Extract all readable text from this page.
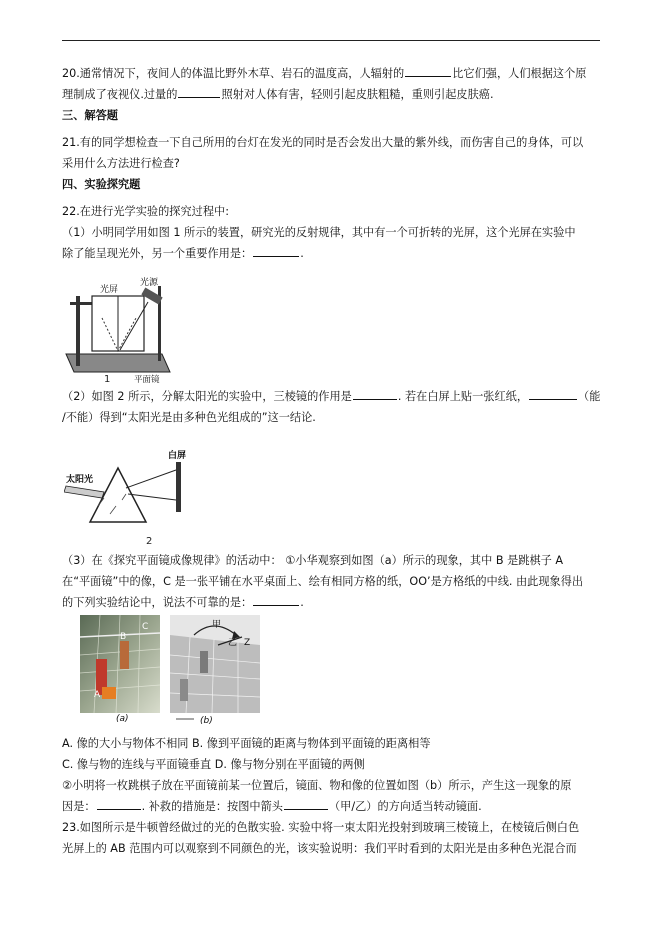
20.通常情况下，夜间人的体温比野外木草、岩石的温度高，人辐射的	比它们强，人们根据这个原
理制成了夜视仪.过量的	照射对人体有害，轻则引起皮肤粗糙，重则引起皮肤癌.
三、解答题
21.有的同学想检查一下自己所用的台灯在发光的同时是否会发出大量的紫外线，而伤害自己的身体，可以
采用什么方法进行检查?
四、实验探究题
22.在进行光学实验的探究过程中:
（1）小明同学用如图 1 所示的装置，研究光的反射规律，其中有一个可折转的光屏，这个光屏在实验中
除了能呈现光外，另一个重要作用是：	.
光屏
光源
平面镜
1
（2）如图 2 所示，分解太阳光的实验中，三棱镜的作用是	. 若在白屏上贴一张红纸，	（能
/不能）得到“太阳光是由多种色光组成的”这一结论.
太阳光
白屏
2
（3）在《探究平面镜成像规律》的活动中： ①小华观察到如图（a）所示的现象，其中 B 是跳棋子 A
在“平面镜”中的像，C 是一张平铺在水平桌面上、绘有相同方格的纸，OO’是方格纸的中线. 由此现象得出
的下列实验结论中，说法不可靠的是：	.
C
B
A
(a)
甲
乙 Z
(b)
A. 像的大小与物体不相同 B. 像到平面镜的距离与物体到平面镜的距离相等
C. 像与物的连线与平面镜垂直 D. 像与物分别在平面镜的两侧
②小明将一枚跳棋子放在平面镜前某一位置后，镜面、物和像的位置如图（b）所示，产生这一现象的原
因是：	. 补救的措施是：按图中箭头	（甲/乙）的方向适当转动镜面.
23.如图所示是牛顿曾经做过的光的色散实验. 实验中将一束太阳光投射到玻璃三棱镜上，在棱镜后侧白色
光屏上的 AB 范围内可以观察到不同颜色的光，该实验说明：我们平时看到的太阳光是由多种色光混合而
